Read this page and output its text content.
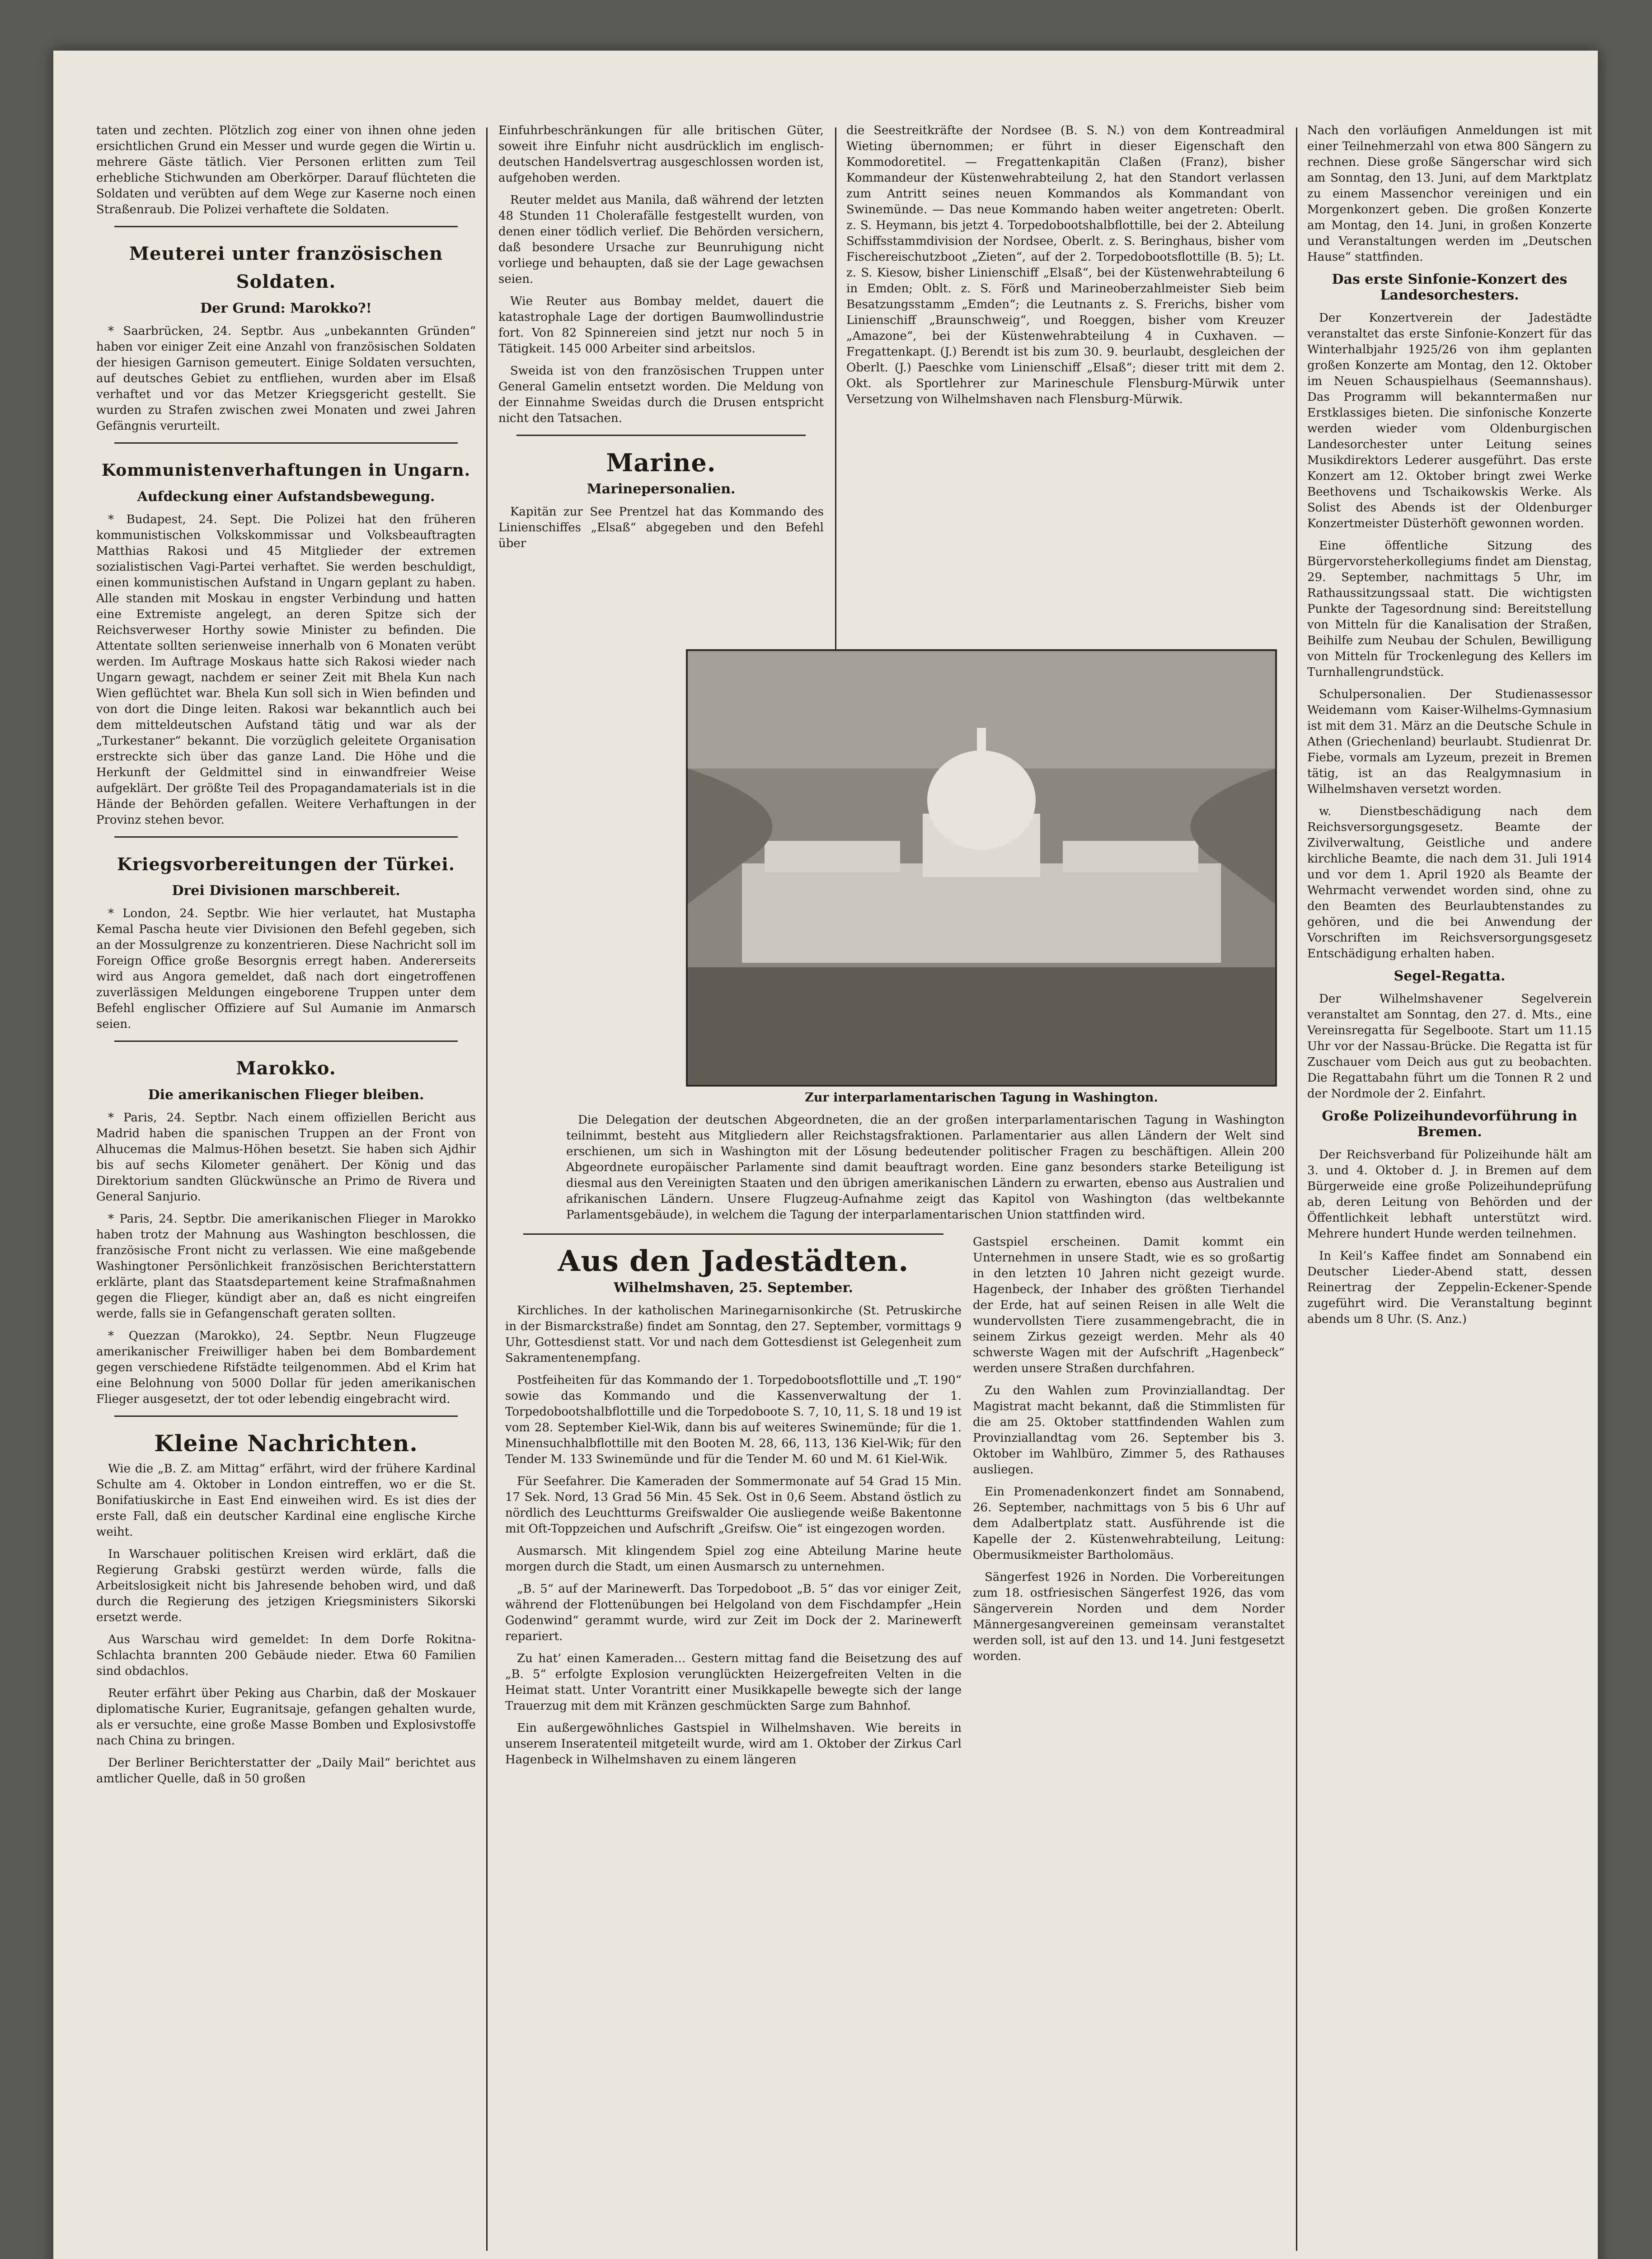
taten und zechten. Plötzlich zog einer von ihnen ohne jeden ersichtlichen Grund ein Messer und wurde gegen die Wirtin u. mehrere Gäste tätlich. Vier Personen erlitten zum Teil erhebliche Stichwunden am Oberkörper. Darauf flüchteten die Soldaten und verübten auf dem Wege zur Kaserne noch einen Straßenraub. Die Polizei verhaftete die Soldaten.

Meuterei unter französischen Soldaten.
Der Grund: Marokko?!

* Saarbrücken, 24. Septbr. Aus „unbekannten Gründen“ haben vor einiger Zeit eine Anzahl von französischen Soldaten der hiesigen Garnison gemeutert. Einige Soldaten versuchten, auf deutsches Gebiet zu entfliehen, wurden aber im Elsaß verhaftet und vor das Metzer Kriegsgericht gestellt. Sie wurden zu Strafen zwischen zwei Monaten und zwei Jahren Gefängnis verurteilt.

Kommunistenverhaftungen in Ungarn.
Aufdeckung einer Aufstandsbewegung.

* Budapest, 24. Sept. Die Polizei hat den früheren kommunistischen Volkskommissar und Volksbeauftragten Matthias Rakosi und 45 Mitglieder der extremen sozialistischen Vagi-Partei verhaftet. Sie werden beschuldigt, einen kommunistischen Aufstand in Ungarn geplant zu haben. Alle standen mit Moskau in engster Verbindung und hatten eine Extremiste angelegt, an deren Spitze sich der Reichsverweser Horthy sowie Minister zu befinden. Die Attentate sollten serienweise innerhalb von 6 Monaten verübt werden. Im Auftrage Moskaus hatte sich Rakosi wieder nach Ungarn gewagt, nachdem er seiner Zeit mit Bhela Kun nach Wien geflüchtet war. Bhela Kun soll sich in Wien befinden und von dort die Dinge leiten. Rakosi war bekanntlich auch bei dem mitteldeutschen Aufstand tätig und war als der „Turkestaner“ bekannt. Die vorzüglich geleitete Organisation erstreckte sich über das ganze Land. Die Höhe und die Herkunft der Geldmittel sind in einwandfreier Weise aufgeklärt. Der größte Teil des Propagandamaterials ist in die Hände der Behörden gefallen. Weitere Verhaftungen in der Provinz stehen bevor.

Kriegsvorbereitungen der Türkei.
Drei Divisionen marschbereit.

* London, 24. Septbr. Wie hier verlautet, hat Mustapha Kemal Pascha heute vier Divisionen den Befehl gegeben, sich an der Mossulgrenze zu konzentrieren. Diese Nachricht soll im Foreign Office große Besorgnis erregt haben. Andererseits wird aus Angora gemeldet, daß nach dort eingetroffenen zuverlässigen Meldungen eingeborene Truppen unter dem Befehl englischer Offiziere auf Sul Aumanie im Anmarsch seien.

Marokko.
Die amerikanischen Flieger bleiben.

* Paris, 24. Septbr. Nach einem offiziellen Bericht aus Madrid haben die spanischen Truppen an der Front von Alhucemas die Malmus-Höhen besetzt. Sie haben sich Ajdhir bis auf sechs Kilometer genähert. Der König und das Direktorium sandten Glückwünsche an Primo de Rivera und General Sanjurio.

* Paris, 24. Septbr. Die amerikanischen Flieger in Marokko haben trotz der Mahnung aus Washington beschlossen, die französische Front nicht zu verlassen. Wie eine maßgebende Washingtoner Persönlichkeit französischen Berichterstattern erklärte, plant das Staatsdepartement keine Strafmaßnahmen gegen die Flieger, kündigt aber an, daß es nicht eingreifen werde, falls sie in Gefangenschaft geraten sollten.

* Quezzan (Marokko), 24. Septbr. Neun Flugzeuge amerikanischer Freiwilliger haben bei dem Bombardement gegen verschiedene Rifstädte teilgenommen. Abd el Krim hat eine Belohnung von 5000 Dollar für jeden amerikanischen Flieger ausgesetzt, der tot oder lebendig eingebracht wird.

Kleine Nachrichten.

Wie die „B. Z. am Mittag“ erfährt, wird der frühere Kardinal Schulte am 4. Oktober in London eintreffen, wo er die St. Bonifatiuskirche in East End einweihen wird. Es ist dies der erste Fall, daß ein deutscher Kardinal eine englische Kirche weiht.

In Warschauer politischen Kreisen wird erklärt, daß die Regierung Grabski gestürzt werden würde, falls die Arbeitslosigkeit nicht bis Jahresende behoben wird, und daß durch die Regierung des jetzigen Kriegsministers Sikorski ersetzt werde.

Aus Warschau wird gemeldet: In dem Dorfe Rokitna-Schlachta brannten 200 Gebäude nieder. Etwa 60 Familien sind obdachlos.

Reuter erfährt über Peking aus Charbin, daß der Moskauer diplomatische Kurier, Eugranitsaje, gefangen gehalten wurde, als er versuchte, eine große Masse Bomben und Explosivstoffe nach China zu bringen.

Der Berliner Berichterstatter der „Daily Mail“ berichtet aus amtlicher Quelle, daß in 50 großen

Einfuhrbeschränkungen für alle britischen Güter, soweit ihre Einfuhr nicht ausdrücklich im englisch-deutschen Handelsvertrag ausgeschlossen worden ist, aufgehoben werden.

Reuter meldet aus Manila, daß während der letzten 48 Stunden 11 Cholerafälle festgestellt wurden, von denen einer tödlich verlief. Die Behörden versichern, daß besondere Ursache zur Beunruhigung nicht vorliege und behaupten, daß sie der Lage gewachsen seien.

Wie Reuter aus Bombay meldet, dauert die katastrophale Lage der dortigen Baumwollindustrie fort. Von 82 Spinnereien sind jetzt nur noch 5 in Tätigkeit. 145 000 Arbeiter sind arbeitslos.

Sweida ist von den französischen Truppen unter General Gamelin entsetzt worden. Die Meldung von der Einnahme Sweidas durch die Drusen entspricht nicht den Tatsachen.

Marine.
Marinepersonalien.

Kapitän zur See Prentzel hat das Kommando des Linienschiffes „Elsaß“ abgegeben und den Befehl über

die Seestreitkräfte der Nordsee (B. S. N.) von dem Kontreadmiral Wieting übernommen; er führt in dieser Eigenschaft den Kommodoretitel. — Fregattenkapitän Claßen (Franz), bisher Kommandeur der Küstenwehrabteilung 2, hat den Standort verlassen zum Antritt seines neuen Kommandos als Kommandant von Swinemünde. — Das neue Kommando haben weiter angetreten: Oberlt. z. S. Heymann, bis jetzt 4. Torpedobootshalbflottille, bei der 2. Abteilung Schiffsstammdivision der Nordsee, Oberlt. z. S. Beringhaus, bisher vom Fischereischutzboot „Zieten“, auf der 2. Torpedobootsflottille (B. 5); Lt. z. S. Kiesow, bisher Linienschiff „Elsaß“, bei der Küstenwehrabteilung 6 in Emden; Oblt. z. S. Förß und Marineoberzahlmeister Sieb beim Besatzungsstamm „Emden“; die Leutnants z. S. Frerichs, bisher vom Linienschiff „Braunschweig“, und Roeggen, bisher vom Kreuzer „Amazone“, bei der Küstenwehrabteilung 4 in Cuxhaven. — Fregattenkapt. (J.) Berendt ist bis zum 30. 9. beurlaubt, desgleichen der Oberlt. (J.) Paeschke vom Linienschiff „Elsaß“; dieser tritt mit dem 2. Okt. als Sportlehrer zur Marineschule Flensburg-Mürwik unter Versetzung von Wilhelmshaven nach Flensburg-Mürwik.

Zur interparlamentarischen Tagung in Washington.

Die Delegation der deutschen Abgeordneten, die an der großen interparlamentarischen Tagung in Washington teilnimmt, besteht aus Mitgliedern aller Reichstagsfraktionen. Parlamentarier aus allen Ländern der Welt sind erschienen, um sich in Washington mit der Lösung bedeutender politischer Fragen zu beschäftigen. Allein 200 Abgeordnete europäischer Parlamente sind damit beauftragt worden. Eine ganz besonders starke Beteiligung ist diesmal aus den Vereinigten Staaten und den übrigen amerikanischen Ländern zu erwarten, ebenso aus Australien und afrikanischen Ländern. Unsere Flugzeug-Aufnahme zeigt das Kapitol von Washington (das weltbekannte Parlamentsgebäude), in welchem die Tagung der interparlamentarischen Union stattfinden wird.

Nach den vorläufigen Anmeldungen ist mit einer Teilnehmerzahl von etwa 800 Sängern zu rechnen. Diese große Sängerschar wird sich am Sonntag, den 13. Juni, auf dem Marktplatz zu einem Massenchor vereinigen und ein Morgenkonzert geben. Die großen Konzerte am Montag, den 14. Juni, in großen Konzerte und Veranstaltungen werden im „Deutschen Hause“ stattfinden.

Das erste Sinfonie-Konzert des Landesorchesters.

Der Konzertverein der Jadestädte veranstaltet das erste Sinfonie-Konzert für das Winterhalbjahr 1925/26 von ihm geplanten großen Konzerte am Montag, den 12. Oktober im Neuen Schauspielhaus (Seemannshaus). Das Programm will bekanntermaßen nur Erstklassiges bieten. Die sinfonische Konzerte werden wieder vom Oldenburgischen Landesorchester unter Leitung seines Musikdirektors Lederer ausgeführt. Das erste Konzert am 12. Oktober bringt zwei Werke Beethovens und Tschaikowskis Werke. Als Solist des Abends ist der Oldenburger Konzertmeister Düsterhöft gewonnen worden.

Eine öffentliche Sitzung des Bürgervorsteherkollegiums findet am Dienstag, 29. September, nachmittags 5 Uhr, im Rathaussitzungssaal statt. Die wichtigsten Punkte der Tagesordnung sind: Bereitstellung von Mitteln für die Kanalisation der Straßen, Beihilfe zum Neubau der Schulen, Bewilligung von Mitteln für Trockenlegung des Kellers im Turnhallengrundstück.

Schulpersonalien. Der Studienassessor Weidemann vom Kaiser-Wilhelms-Gymnasium ist mit dem 31. März an die Deutsche Schule in Athen (Griechenland) beurlaubt. Studienrat Dr. Fiebe, vormals am Lyzeum, prezeit in Bremen tätig, ist an das Realgymnasium in Wilhelmshaven versetzt worden.

w. Dienstbeschädigung nach dem Reichsversorgungsgesetz. Beamte der Zivilverwaltung, Geistliche und andere kirchliche Beamte, die nach dem 31. Juli 1914 und vor dem 1. April 1920 als Beamte der Wehrmacht verwendet worden sind, ohne zu den Beamten des Beurlaubtenstandes zu gehören, und die bei Anwendung der Vorschriften im Reichsversorgungsgesetz Entschädigung erhalten haben.

Segel-Regatta.

Der Wilhelmshavener Segelverein veranstaltet am Sonntag, den 27. d. Mts., eine Vereinsregatta für Segelboote. Start um 11.15 Uhr vor der Nassau-Brücke. Die Regatta ist für Zuschauer vom Deich aus gut zu beobachten. Die Regattabahn führt um die Tonnen R 2 und der Nordmole der 2. Einfahrt.

Große Polizeihundevorführung in Bremen.

Der Reichsverband für Polizeihunde hält am 3. und 4. Oktober d. J. in Bremen auf dem Bürgerweide eine große Polizeihundeprüfung ab, deren Leitung von Behörden und der Öffentlichkeit lebhaft unterstützt wird. Mehrere hundert Hunde werden teilnehmen.

In Keil’s Kaffee findet am Sonnabend ein Deutscher Lieder-Abend statt, dessen Reinertrag der Zeppelin-Eckener-Spende zugeführt wird. Die Veranstaltung beginnt abends um 8 Uhr. (S. Anz.)

Aus den Jadestädten.
Wilhelmshaven, 25. September.

Kirchliches. In der katholischen Marinegarnisonkirche (St. Petruskirche in der Bismarckstraße) findet am Sonntag, den 27. September, vormittags 9 Uhr, Gottesdienst statt. Vor und nach dem Gottesdienst ist Gelegenheit zum Sakramentenempfang.

Postfeiheiten für das Kommando der 1. Torpedobootsflottille und „T. 190“ sowie das Kommando und die Kassenverwaltung der 1. Torpedobootshalbflottille und die Torpedoboote S. 7, 10, 11, S. 18 und 19 ist vom 28. September Kiel-Wik, dann bis auf weiteres Swinemünde; für die 1. Minensuchhalbflottille mit den Booten M. 28, 66, 113, 136 Kiel-Wik; für den Tender M. 133 Swinemünde und für die Tender M. 60 und M. 61 Kiel-Wik.

Für Seefahrer. Die Kameraden der Sommermonate auf 54 Grad 15 Min. 17 Sek. Nord, 13 Grad 56 Min. 45 Sek. Ost in 0,6 Seem. Abstand östlich zu nördlich des Leuchtturms Greifswalder Oie ausliegende weiße Bakentonne mit Oft-Toppzeichen und Aufschrift „Greifsw. Oie“ ist eingezogen worden.

Ausmarsch. Mit klingendem Spiel zog eine Abteilung Marine heute morgen durch die Stadt, um einen Ausmarsch zu unternehmen.

„B. 5“ auf der Marinewerft. Das Torpedoboot „B. 5“ das vor einiger Zeit, während der Flottenübungen bei Helgoland von dem Fischdampfer „Hein Godenwind“ gerammt wurde, wird zur Zeit im Dock der 2. Marinewerft repariert.

Zu hat’ einen Kameraden… Gestern mittag fand die Beisetzung des auf „B. 5“ erfolgte Explosion verunglückten Heizergefreiten Velten in die Heimat statt. Unter Vorantritt einer Musikkapelle bewegte sich der lange Trauerzug mit dem mit Kränzen geschmückten Sarge zum Bahnhof.

Ein außergewöhnliches Gastspiel in Wilhelmshaven. Wie bereits in unserem Inseratenteil mitgeteilt wurde, wird am 1. Oktober der Zirkus Carl Hagenbeck in Wilhelmshaven zu einem längeren

Gastspiel erscheinen. Damit kommt ein Unternehmen in unsere Stadt, wie es so großartig in den letzten 10 Jahren nicht gezeigt wurde. Hagenbeck, der Inhaber des größten Tierhandel der Erde, hat auf seinen Reisen in alle Welt die wundervollsten Tiere zusammengebracht, die in seinem Zirkus gezeigt werden. Mehr als 40 schwerste Wagen mit der Aufschrift „Hagenbeck“ werden unsere Straßen durchfahren.

Zu den Wahlen zum Provinziallandtag. Der Magistrat macht bekannt, daß die Stimmlisten für die am 25. Oktober stattfindenden Wahlen zum Provinziallandtag vom 26. September bis 3. Oktober im Wahlbüro, Zimmer 5, des Rathauses ausliegen.

Ein Promenadenkonzert findet am Sonnabend, 26. September, nachmittags von 5 bis 6 Uhr auf dem Adalbertplatz statt. Ausführende ist die Kapelle der 2. Küstenwehrabteilung, Leitung: Obermusikmeister Bartholomäus.

Sängerfest 1926 in Norden. Die Vorbereitungen zum 18. ostfriesischen Sängerfest 1926, das vom Sängerverein Norden und dem Norder Männergesangvereinen gemeinsam veranstaltet werden soll, ist auf den 13. und 14. Juni festgesetzt worden.
